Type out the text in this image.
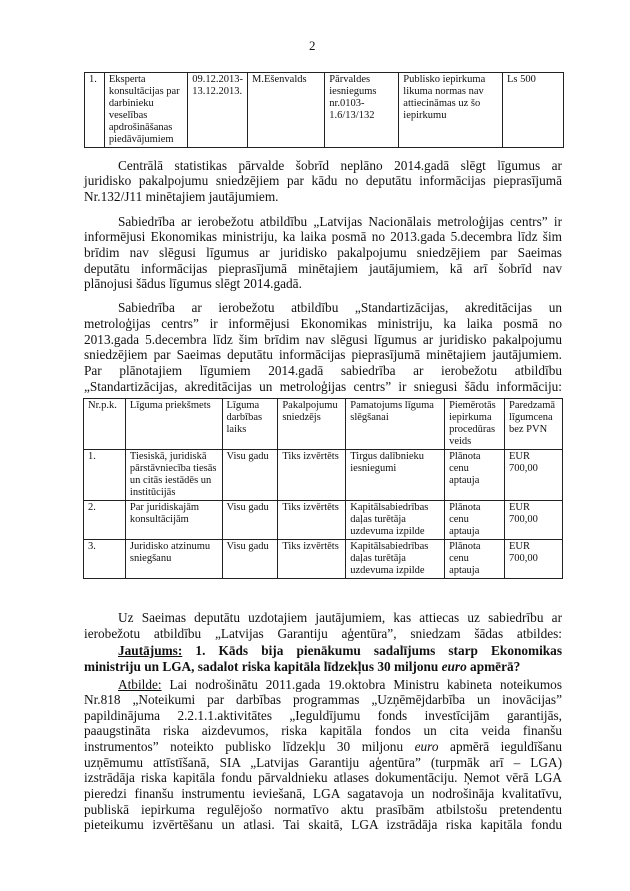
2
1.	Eksperta konsultācijas par darbinieku veselības apdrošināšanas piedāvājumiem	09.12.2013-13.12.2013.	M.Ešenvalds	Pārvaldes iesniegums nr.0103-1.6/13/132	Publisko iepirkuma likuma normas nav attiecināmas uz šo iepirkumu	Ls 500
Centrālā statistikas pārvalde šobrīd neplāno 2014.gadā slēgt līgumus ar
juridisko pakalpojumu sniedzējiem par kādu no deputātu informācijas pieprasījumā
Nr.132/J11 minētajiem jautājumiem.
Sabiedrība ar ierobežotu atbildību „Latvijas Nacionālais metroloģijas centrs” ir
informējusi Ekonomikas ministriju, ka laika posmā no 2013.gada 5.decembra līdz šim
brīdim nav slēgusi līgumus ar juridisko pakalpojumu sniedzējiem par Saeimas
deputātu informācijas pieprasījumā minētajiem jautājumiem, kā arī šobrīd nav
plānojusi šādus līgumus slēgt 2014.gadā.
Sabiedrība ar ierobežotu atbildību „Standartizācijas, akreditācijas un
metroloģijas centrs” ir informējusi Ekonomikas ministriju, ka laika posmā no
2013.gada 5.decembra līdz šim brīdim nav slēgusi līgumus ar juridisko pakalpojumu
sniedzējiem par Saeimas deputātu informācijas pieprasījumā minētajiem jautājumiem.
Par plānotajiem līgumiem 2014.gadā sabiedrība ar ierobežotu atbildību
„Standartizācijas, akreditācijas un metroloģijas centrs” ir sniegusi šādu informāciju:
Nr.p.k.	Līguma priekšmets	Līguma darbības laiks	Pakalpojumu sniedzējs	Pamatojums līguma slēgšanai	Piemērotās iepirkuma procedūras veids	Paredzamā līgumcena bez PVN
1.	Tiesiskā, juridiskā pārstāvniecība tiesās un citās iestādēs un institūcijās	Visu gadu	Tiks izvērtēts	Tirgus dalībnieku iesniegumi	Plānota cenu aptauja	EUR 700,00
2.	Par juridiskajām konsultācijām	Visu gadu	Tiks izvērtēts	Kapitālsabiedrības daļas turētāja uzdevuma izpilde	Plānota cenu aptauja	EUR 700,00
3.	Juridisko atzinumu sniegšanu	Visu gadu	Tiks izvērtēts	Kapitālsabiedrības daļas turētāja uzdevuma izpilde	Plānota cenu aptauja	EUR 700,00
Uz Saeimas deputātu uzdotajiem jautājumiem, kas attiecas uz sabiedrību ar
ierobežotu atbildību „Latvijas Garantiju aģentūra”, sniedzam šādas atbildes:
Jautājums: 1. Kāds bija pienākumu sadalījums starp Ekonomikas
ministriju un LGA, sadalot riska kapitāla līdzekļus 30 miljonu euro apmērā?
Atbilde: Lai nodrošinātu 2011.gada 19.oktobra Ministru kabineta noteikumos
Nr.818 „Noteikumi par darbības programmas „Uzņēmējdarbība un inovācijas”
papildinājuma 2.2.1.1.aktivitātes „Ieguldījumu fonds investīcijām garantijās,
paaugstināta riska aizdevumos, riska kapitāla fondos un cita veida finanšu
instrumentos” noteikto publisko līdzekļu 30 miljonu euro apmērā ieguldīšanu
uzņēmumu attīstīšanā, SIA „Latvijas Garantiju aģentūra” (turpmāk arī – LGA)
izstrādāja riska kapitāla fondu pārvaldnieku atlases dokumentāciju. Ņemot vērā LGA
pieredzi finanšu instrumentu ieviešanā, LGA sagatavoja un nodrošināja kvalitatīvu,
publiskā iepirkuma regulējošo normatīvo aktu prasībām atbilstošu pretendentu
pieteikumu izvērtēšanu un atlasi. Tai skaitā, LGA izstrādāja riska kapitāla fondu
